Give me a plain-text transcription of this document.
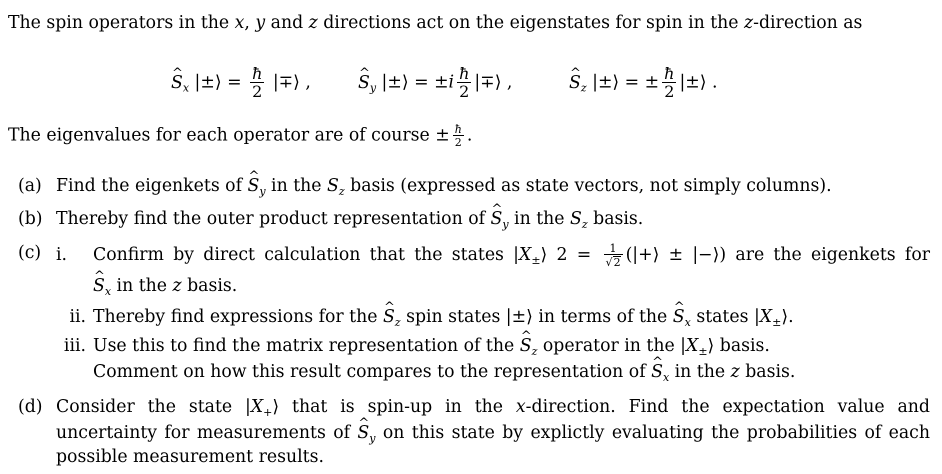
The spin operators in the x, y and z directions act on the eigenstates for spin in the z-direction as
^ $S_x$ |±⟩ = $\frac{ħ}{2}$ |∓⟩ ,	^ $S_y$ |±⟩ = $\pm i \frac{ħ}{2}$ |∓⟩ ,	^ $S_z$ |±⟩ = ± $\frac{ħ}{2}$ |±⟩ .
The eigenvalues for each operator are of course ± $\frac{ħ}{2}$ .
(a) Find the eigenkets of ^ $S_y$ in the $S_z$ basis (expressed as state vectors, not simply columns).
(b) Thereby find the outer product representation of ^ $S_y$ in the $S_z$ basis.
(c) i. Confirm by direct calculation that the states $|X_\pm⟩$ $2 = \frac{1}{√2}$ (|+⟩ ± |−⟩) are the eigenkets for
^ $S_x$ in the z basis.
ii. Thereby find expressions for the ^ $S_z$ spin states |±⟩ in terms of the ^ $S_x$ states $|X_\pm⟩$.
iii. Use this to find the matrix representation of the ^ $S_z$ operator in the $|X_\pm⟩$ basis.
Comment on how this result compares to the representation of ^ $S_x$ in the z basis.
(d) Consider the state $|X_+⟩$ that is spin-up in the x-direction. Find the expectation value and
uncertainty for measurements of ^ $S_y$ on this state by explictly evaluating the probabilities of each
possible measurement results.
